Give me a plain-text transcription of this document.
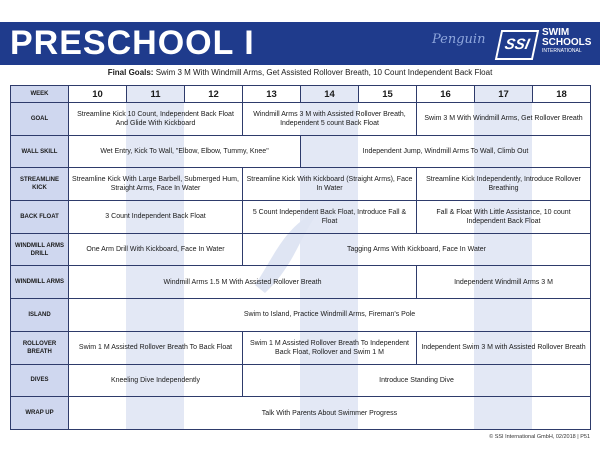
PRESCHOOL I	Penguin	SSI
SWIM
SCHOOLS
INTERNATIONAL
Final Goals: Swim 3 M With Windmill Arms, Get Assisted Rollover Breath, 10 Count Independent Back Float
WEEK	10	11	12	13	14	15	16	17	18
GOAL	Streamline Kick 10 Count, Independent Back Float And Glide With Kickboard			Windmill Arms 3 M with Assisted Rollover Breath, Independent 5 count Back Float			Swim 3 M With Windmill Arms, Get Rollover Breath		
WALL SKILL	Wet Entry, Kick To Wall, "Elbow, Elbow, Tummy, Knee"				Independent Jump, Windmill Arms To Wall, Climb Out				
STREAMLINE KICK	Streamline Kick With Large Barbell, Submerged Hum, Straight Arms, Face In Water			Streamline Kick With Kickboard (Straight Arms), Face In Water			Streamline Kick Independently, Introduce Rollover Breathing		
BACK FLOAT	3 Count Independent Back Float			5 Count Independent Back Float, Introduce Fall & Float			Fall & Float With Little Assistance, 10 count Independent Back Float		
WINDMILL ARMS DRILL	One Arm Drill With Kickboard, Face In Water			Tagging Arms With Kickboard, Face In Water					
WINDMILL ARMS	Windmill Arms 1.5 M With Assisted Rollover Breath						Independent Windmill Arms 3 M		
ISLAND	Swim to Island, Practice Windmill Arms, Fireman's Pole								
ROLLOVER BREATH	Swim 1 M Assisted Rollover Breath To Back Float			Swim 1 M Assisted Rollover Breath To Independent Back Float, Rollover and Swim 1 M			Independent Swim 3 M with Assisted Rollover Breath		
DIVES	Kneeling Dive Independently			Introduce Standing Dive					
WRAP UP	Talk With Parents About Swimmer Progress								
© SSI International GmbH, 02/2018 | P51
